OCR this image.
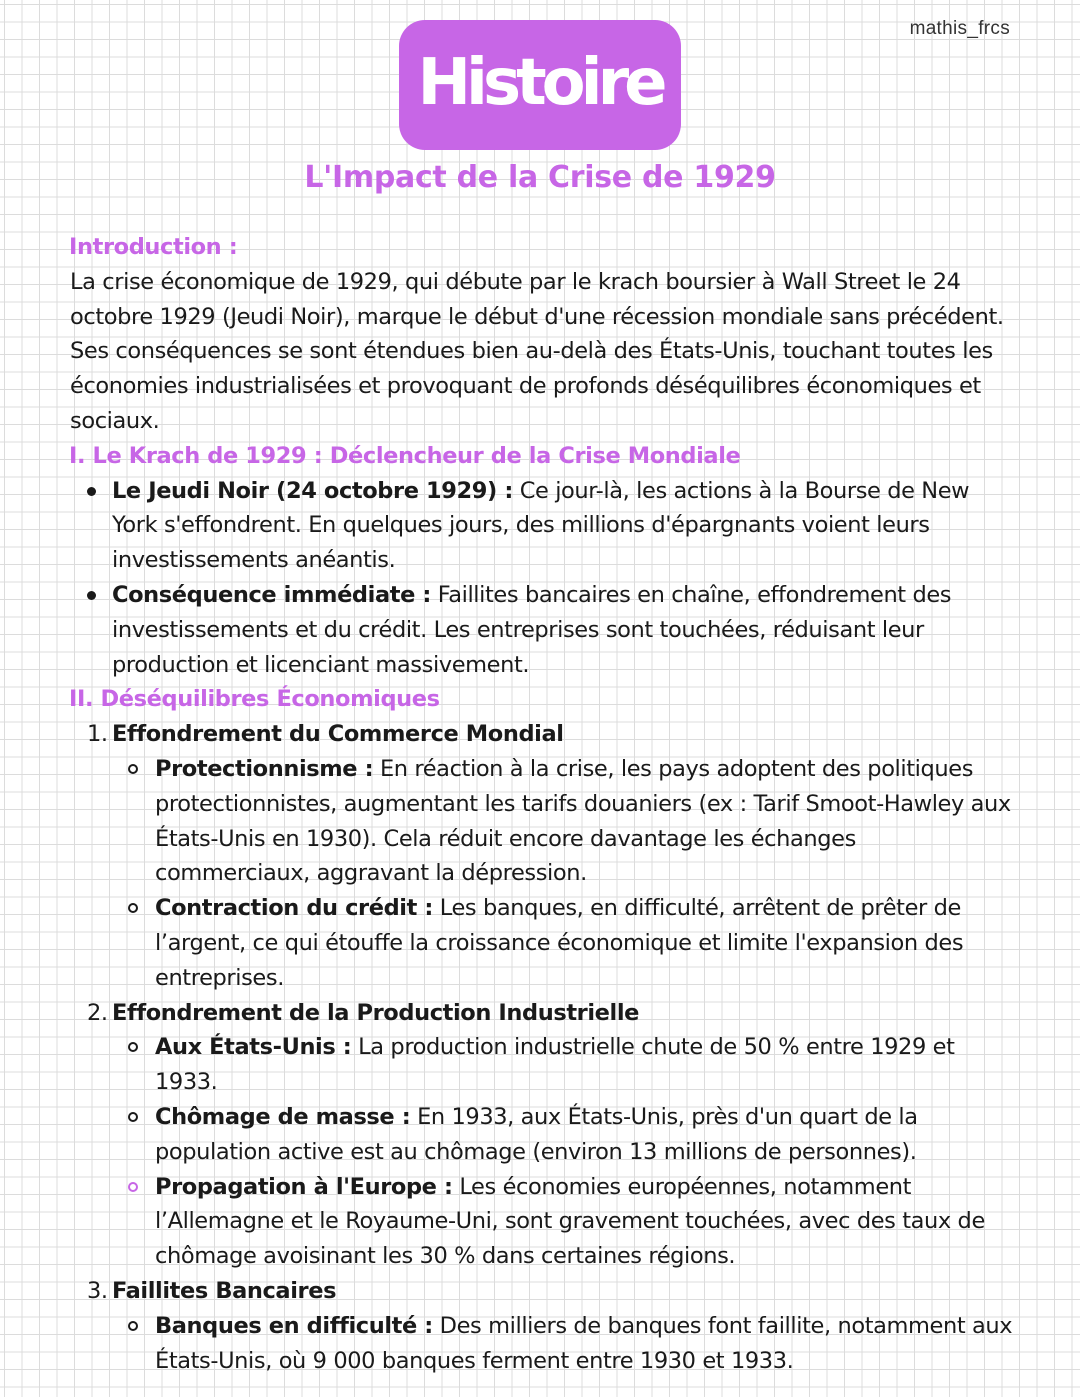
mathis_frcs
Histoire
L'Impact de la Crise de 1929
Introduction :

La crise économique de 1929, qui débute par le krach boursier à Wall Street le 24 octobre 1929 (Jeudi Noir), marque le début d'une récession mondiale sans précédent. Ses conséquences se sont étendues bien au-delà des États-Unis, touchant toutes les économies industrialisées et provoquant de profonds déséquilibres économiques et sociaux.

I. Le Krach de 1929 : Déclencheur de la Crise Mondiale
Le Jeudi Noir (24 octobre 1929) : Ce jour-là, les actions à la Bourse de New York s'effondrent. En quelques jours, des millions d'épargnants voient leurs investissements anéantis.
Conséquence immédiate : Faillites bancaires en chaîne, effondrement des investissements et du crédit. Les entreprises sont touchées, réduisant leur production et licenciant massivement.
II. Déséquilibres Économiques
1. Effondrement du Commerce Mondial
Protectionnisme : En réaction à la crise, les pays adoptent des politiques protectionnistes, augmentant les tarifs douaniers (ex : Tarif Smoot-Hawley aux États-Unis en 1930). Cela réduit encore davantage les échanges commerciaux, aggravant la dépression.
Contraction du crédit : Les banques, en difficulté, arrêtent de prêter de l’argent, ce qui étouffe la croissance économique et limite l'expansion des entreprises.
2. Effondrement de la Production Industrielle
Aux États-Unis : La production industrielle chute de 50 % entre 1929 et 1933.
Chômage de masse : En 1933, aux États-Unis, près d'un quart de la population active est au chômage (environ 13 millions de personnes).
Propagation à l'Europe : Les économies européennes, notamment l’Allemagne et le Royaume-Uni, sont gravement touchées, avec des taux de chômage avoisinant les 30 % dans certaines régions.
3. Faillites Bancaires
Banques en difficulté : Des milliers de banques font faillite, notamment aux États-Unis, où 9 000 banques ferment entre 1930 et 1933.
